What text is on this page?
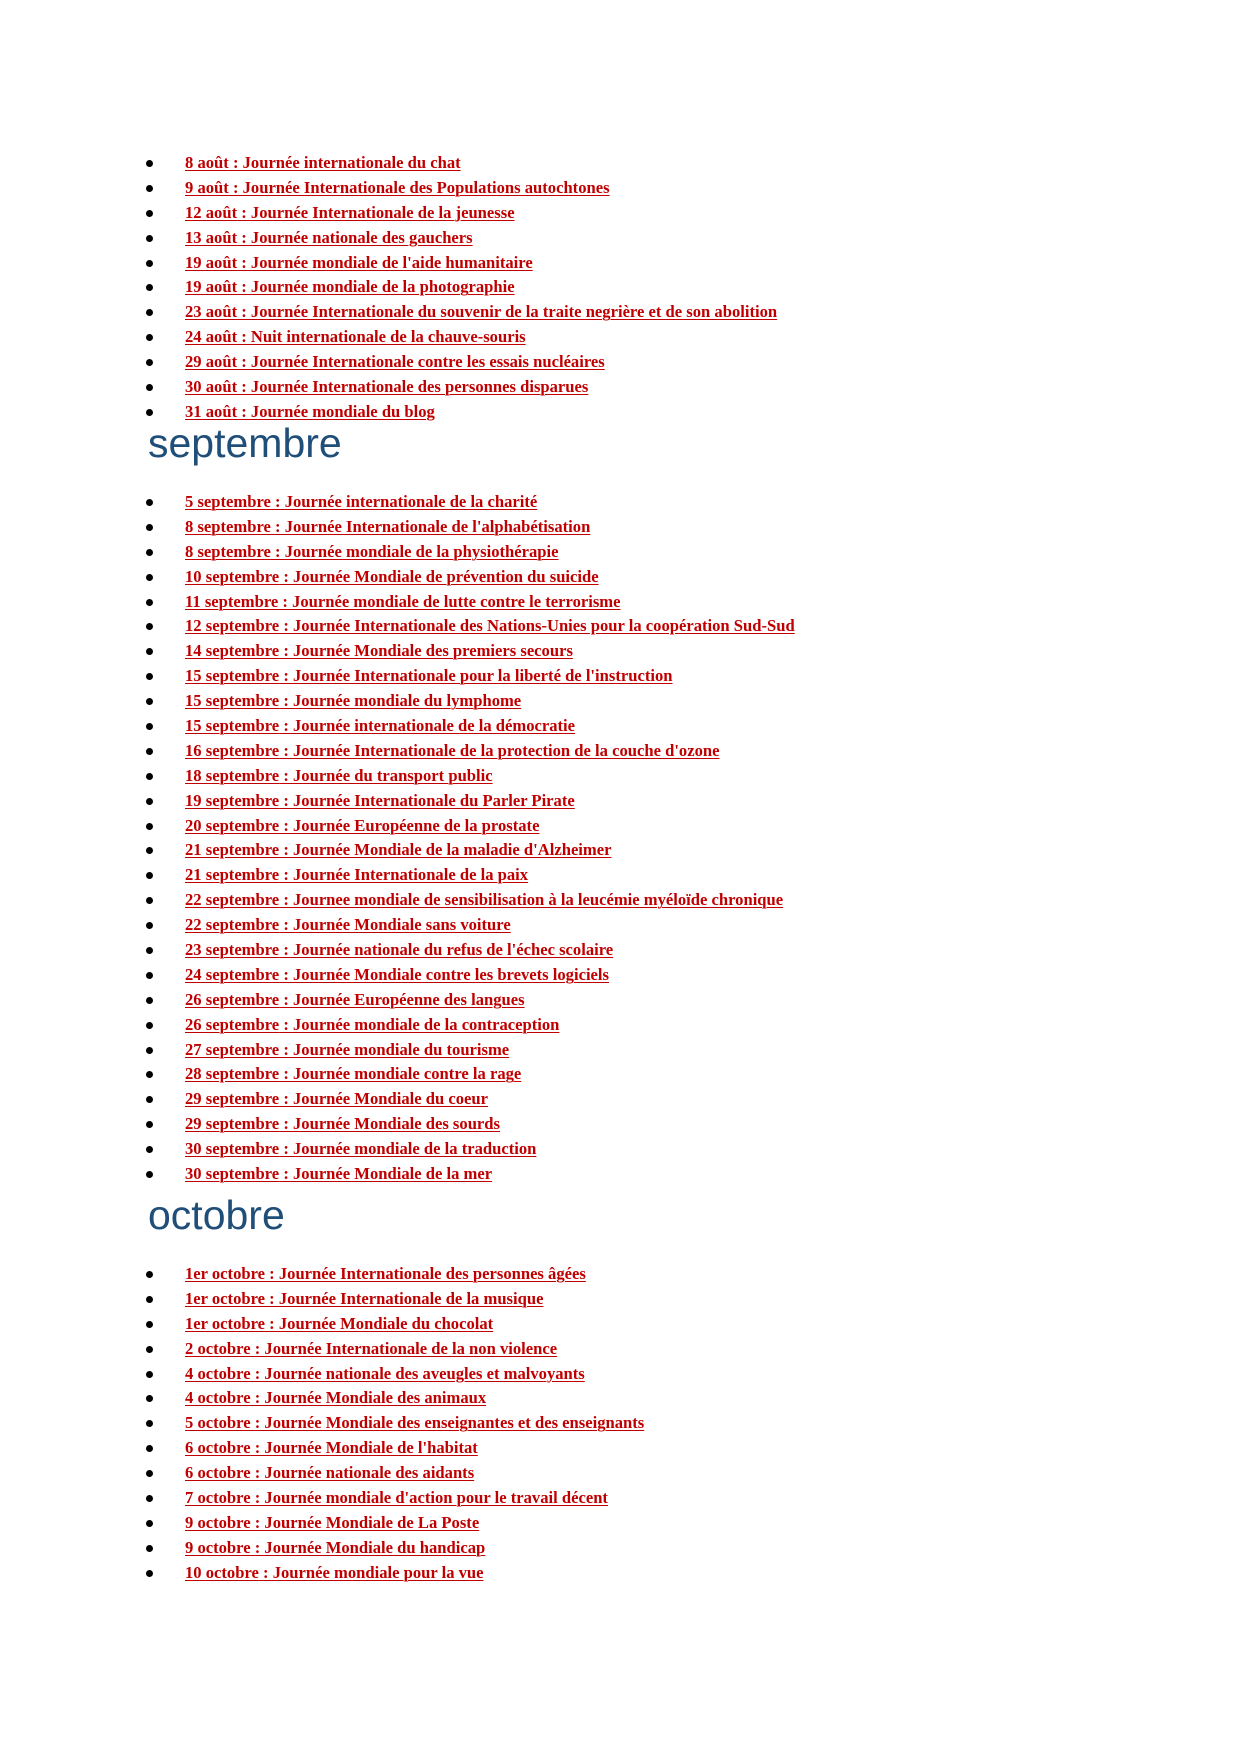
8 août : Journée internationale du chat
9 août : Journée Internationale des Populations autochtones
12 août : Journée Internationale de la jeunesse
13 août : Journée nationale des gauchers
19 août : Journée mondiale de l'aide humanitaire
19 août : Journée mondiale de la photographie
23 août : Journée Internationale du souvenir de la traite negrière et de son abolition
24 août : Nuit internationale de la chauve-souris
29 août : Journée Internationale contre les essais nucléaires
30 août : Journée Internationale des personnes disparues
31 août : Journée mondiale du blog
septembre
5 septembre : Journée internationale de la charité
8 septembre : Journée Internationale de l'alphabétisation
8 septembre : Journée mondiale de la physiothérapie
10 septembre : Journée Mondiale de prévention du suicide
11 septembre : Journée mondiale de lutte contre le terrorisme
12 septembre : Journée Internationale des Nations-Unies pour la coopération Sud-Sud
14 septembre : Journée Mondiale des premiers secours
15 septembre : Journée Internationale pour la liberté de l'instruction
15 septembre : Journée mondiale du lymphome
15 septembre : Journée internationale de la démocratie
16 septembre : Journée Internationale de la protection de la couche d'ozone
18 septembre : Journée du transport public
19 septembre : Journée Internationale du Parler Pirate
20 septembre : Journée Européenne de la prostate
21 septembre : Journée Mondiale de la maladie d'Alzheimer
21 septembre : Journée Internationale de la paix
22 septembre : Journee mondiale de sensibilisation à la leucémie myéloïde chronique
22 septembre : Journée Mondiale sans voiture
23 septembre : Journée nationale du refus de l'échec scolaire
24 septembre : Journée Mondiale contre les brevets logiciels
26 septembre : Journée Européenne des langues
26 septembre : Journée mondiale de la contraception
27 septembre : Journée mondiale du tourisme
28 septembre : Journée mondiale contre la rage
29 septembre : Journée Mondiale du coeur
29 septembre : Journée Mondiale des sourds
30 septembre : Journée mondiale de la traduction
30 septembre : Journée Mondiale de la mer
octobre
1er octobre : Journée Internationale des personnes âgées
1er octobre : Journée Internationale de la musique
1er octobre : Journée Mondiale du chocolat
2 octobre : Journée Internationale de la non violence
4 octobre : Journée nationale des aveugles et malvoyants
4 octobre : Journée Mondiale des animaux
5 octobre : Journée Mondiale des enseignantes et des enseignants
6 octobre : Journée Mondiale de l'habitat
6 octobre : Journée nationale des aidants
7 octobre : Journée mondiale d'action pour le travail décent
9 octobre : Journée Mondiale de La Poste
9 octobre : Journée Mondiale du handicap
10 octobre : Journée mondiale pour la vue
